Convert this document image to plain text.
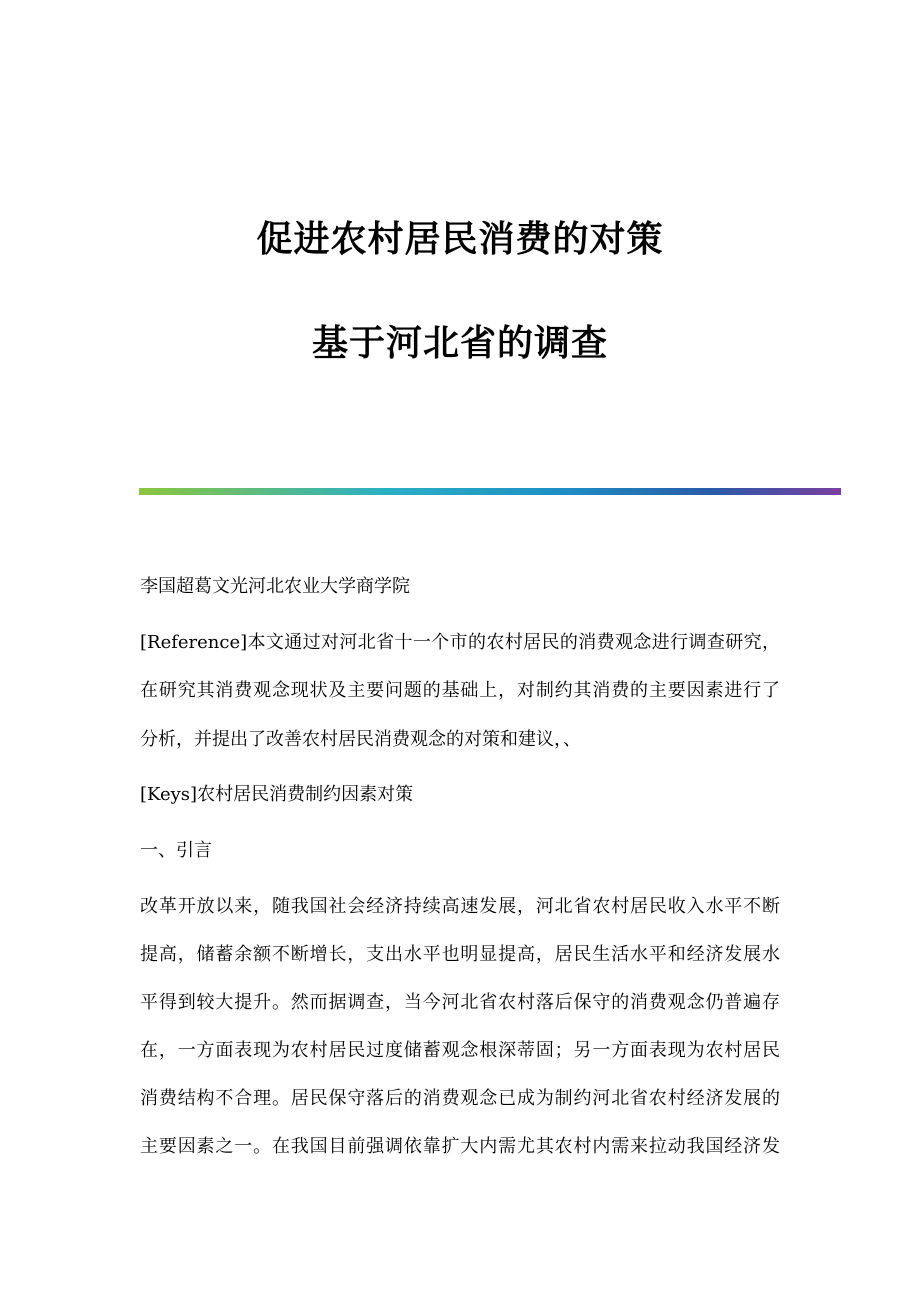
促进农村居民消费的对策
基于河北省的调查
李国超葛文光河北农业大学商学院
[Reference]本文通过对河北省十一个市的农村居民的消费观念进行调查研究，
在研究其消费观念现状及主要问题的基础上，对制约其消费的主要因素进行了
分析，并提出了改善农村居民消费观念的对策和建议，、
[Keys]农村居民消费制约因素对策
一、引言
改革开放以来，随我国社会经济持续高速发展，河北省农村居民收入水平不断
提高，储蓄余额不断增长，支出水平也明显提高，居民生活水平和经济发展水
平得到较大提升。然而据调查，当今河北省农村落后保守的消费观念仍普遍存
在，一方面表现为农村居民过度储蓄观念根深蒂固；另一方面表现为农村居民
消费结构不合理。居民保守落后的消费观念已成为制约河北省农村经济发展的
主要因素之一。在我国目前强调依靠扩大内需尤其农村内需来拉动我国经济发
